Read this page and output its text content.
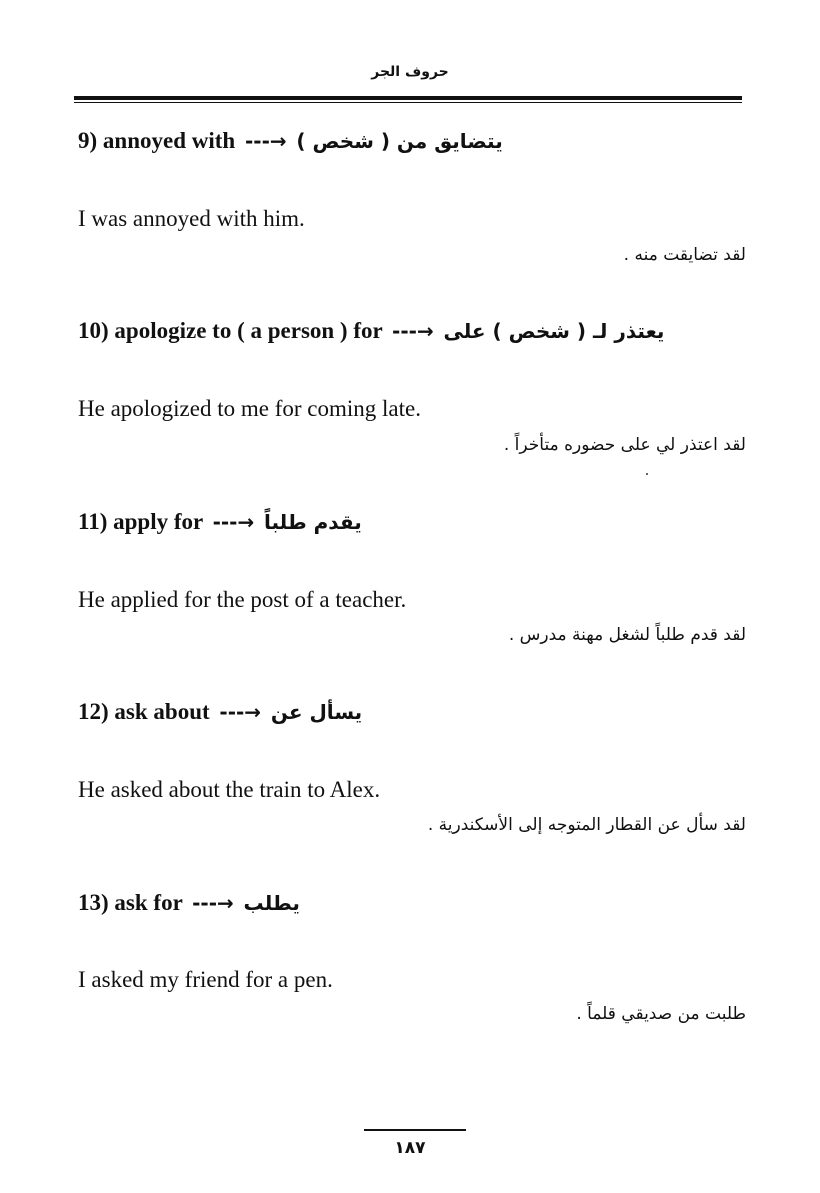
حروف الجر
9) annoyed with ---→ يتضايق من ( شخص )
I was annoyed with him.
لقد تضايقت منه .
10) apologize to ( a person ) for ---→ يعتذر لـ ( شخص ) على
He apologized to me for coming late.
لقد اعتذر لي على حضوره متأخراً .
11) apply for ---→ يقدم طلباً
He applied for the post of a teacher.
لقد قدم طلباً لشغل مهنة مدرس .
12) ask about ---→ يسأل عن
He asked about the train to Alex.
لقد سأل عن القطار المتوجه إلى الأسكندرية .
13) ask for ---→ يطلب
I asked my friend for a pen.
طلبت من صديقي قلماً .
١٨٧
